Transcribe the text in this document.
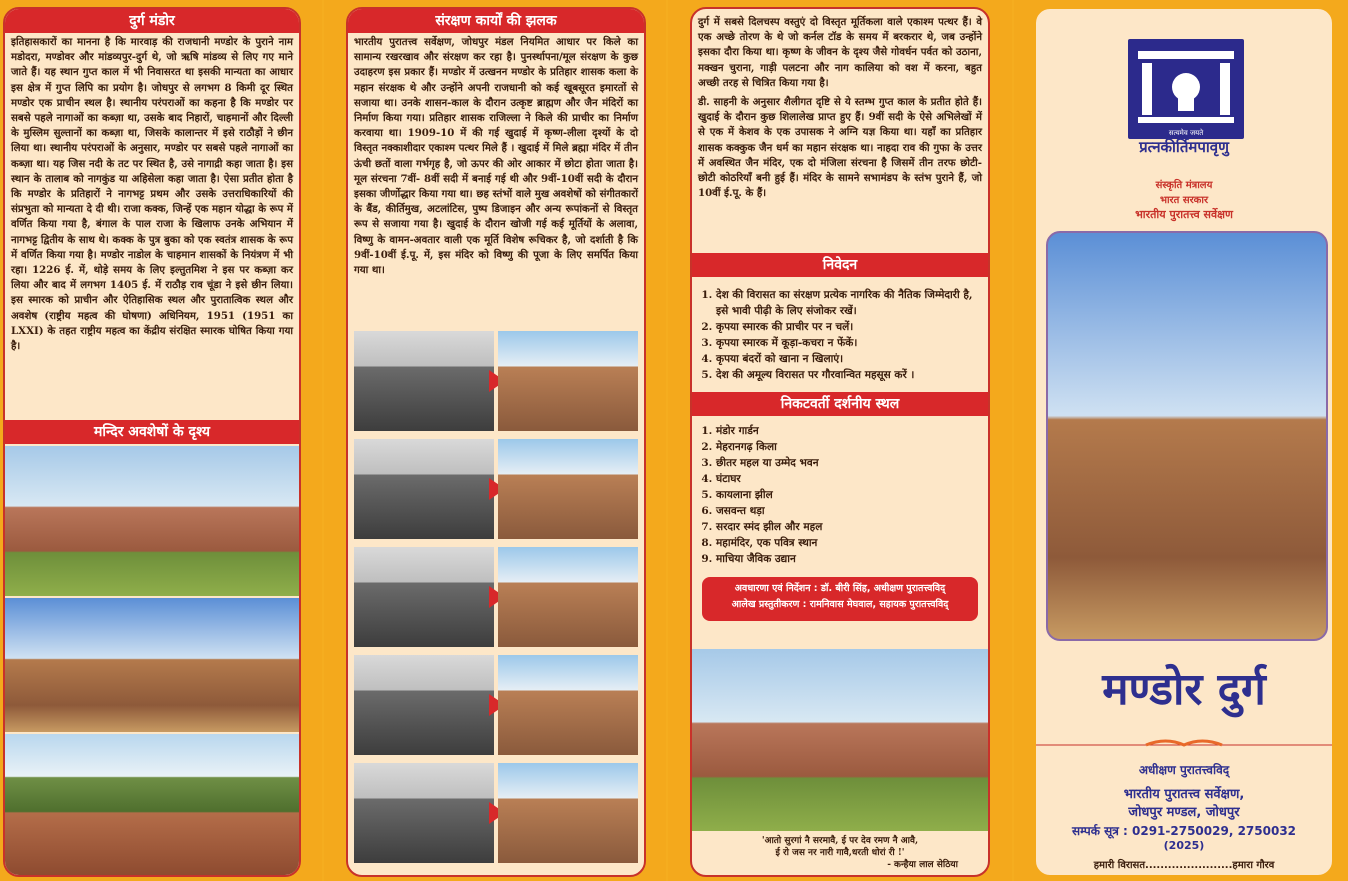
दुर्ग मंडोर
इतिहासकारों का मानना है कि मारवाड़ की राजधानी मण्डोर के पुराने नाम मडोदरा, मण्डोवर और मांडव्यपुर-दुर्ग थे, जो ऋषि मांडव्य से लिए गए माने जाते हैं। यह स्थान गुप्त काल में भी निवासरत था इसकी मान्यता का आधार इस क्षेत्र में गुप्त लिपि का प्रयोग है। जोधपुर से लगभग 8 किमी दूर स्थित मण्डोर एक प्राचीन स्थल है। स्थानीय परंपराओं का कहना है कि मण्डोर पर सबसे पहले नागाओं का कब्ज़ा था, उसके बाद निहारों, चाहमानों और दिल्ली के मुस्लिम सुल्तानों का कब्ज़ा था, जिसके कालान्तर में इसे राठौड़ों ने छीन लिया था। स्थानीय परंपराओं के अनुसार, मण्डोर पर सबसे पहले नागाओं का कब्ज़ा था। यह जिस नदी के तट पर स्थित है, उसे नागाद्री कहा जाता है। इस स्थान के तालाब को नागकुंड या अहिसेला कहा जाता है। ऐसा प्रतीत होता है कि मण्डोर के प्रतिहारों ने नागभट्ट प्रथम और उसके उत्तराधिकारियों की संप्रभुता को मान्यता दे दी थी। राजा कक्क, जिन्हें एक महान योद्धा के रूप में वर्णित किया गया है, बंगाल के पाल राजा के खिलाफ उनके अभियान में नागभट्ट द्वितीय के साथ थे। कक्क के पुत्र बुका को एक स्वतंत्र शासक के रूप में वर्णित किया गया है। मण्डोर नाडोल के चाहमान शासकों के नियंत्रण में भी रहा। 1226 ई. में, थोड़े समय के लिए इल्तुतमिश ने इस पर कब्ज़ा कर लिया और बाद में लगभग 1405 ई. में राठौड़ राव चूंडा ने इसे छीन लिया। इस स्मारक को प्राचीन और ऐतिहासिक स्थल और पुरातात्विक स्थल और अवशेष (राष्ट्रीय महत्व की घोषणा) अधिनियम, 1951 (1951 का LXXI) के तहत राष्ट्रीय महत्व का केंद्रीय संरक्षित स्मारक घोषित किया गया है।
मन्दिर अवशेषों के दृश्य
संरक्षण कार्यों की झलक
भारतीय पुरातत्त्व सर्वेक्षण, जोधपुर मंडल नियमित आधार पर किले का सामान्य रखरखाव और संरक्षण कर रहा है। पुनर्स्थापना/मूल संरक्षण के कुछ उदाहरण इस प्रकार हैं। मण्डोर में उत्खनन मण्डोर के प्रतिहार शासक कला के महान संरक्षक थे और उन्होंने अपनी राजधानी को कई खूबसूरत इमारतों से सजाया था। उनके शासन-काल के दौरान उत्कृष्ट ब्राह्मण और जैन मंदिरों का निर्माण किया गया। प्रतिहार शासक राजिल्ला ने किले की प्राचीर का निर्माण करवाया था। 1909-10 में की गई खुदाई में कृष्ण-लीला दृश्यों के दो विस्तृत नक्काशीदार एकाश्म पत्थर मिले हैं । खुदाई में मिले ब्रह्मा मंदिर में तीन ऊंची छतों वाला गर्भगृह है, जो ऊपर की ओर आकार में छोटा होता जाता है। मूल संरचना 7वीं- 8वीं सदी में बनाई गई थी और 9वीं-10वीं सदी के दौरान इसका जीर्णोद्धार किया गया था। छह स्तंभों वाले मुख अवशेषों को संगीतकारों के बैंड, कीर्तिमुख, अटलांटिस, पुष्प डिजाइन और अन्य रूपांकनों से विस्तृत रूप से सजाया गया है। खुदाई के दौरान खोजी गई कई मूर्तियों के अलावा, विष्णु के वामन-अवतार वाली एक मूर्ति विशेष रूचिकर है, जो दर्शाती है कि 9वीं-10वीं ई.पू. में, इस मंदिर को विष्णु की पूजा के लिए समर्पित किया गया था।
दुर्ग में सबसे दिलचस्प वस्तुएं दो विस्तृत मूर्तिकला वाले एकाश्म पत्थर हैं। वे एक अच्छे तोरण के थे जो कर्नल टॉड के समय में बरकरार थे, जब उन्होंने इसका दौरा किया था। कृष्ण के जीवन के दृश्य जैसे गोवर्धन पर्वत को उठाना, मक्खन चुराना, गाड़ी पलटना और नाग कालिया को वश में करना, बहुत अच्छी तरह से चित्रित किया गया है।
डी. साहनी के अनुसार शैलीगत दृष्टि से ये स्तम्भ गुप्त काल के प्रतीत होते हैं। खुदाई के दौरान कुछ शिलालेख प्राप्त हुए हैं। 9वीं सदी के ऐसे अभिलेखों में से एक में केशव के एक उपासक ने अग्नि यज्ञ किया था। यहाँ का प्रतिहार शासक कक्कुक जैन धर्म का महान संरक्षक था। नाहदा राव की गुफा के उत्तर में अवस्थित जैन मंदिर, एक दो मंजिला संरचना है जिसमें तीन तरफ छोटी-छोटी कोठरियाँ बनी हुई हैं। मंदिर के सामने सभामंडप के स्तंभ पुराने हैं, जो 10वीं ई.पू. के हैं।
निवेदन
1. देश की विरासत का संरक्षण प्रत्येक नागरिक की नैतिक जिम्मेदारी है, इसे भावी पीढ़ी के लिए संजोकर रखें।
2. कृपया स्मारक की प्राचीर पर न चलें।
3. कृपया स्मारक में कूड़ा-कचरा न फेंकें।
4. कृपया बंदरों को खाना न खिलाएं।
5. देश की अमूल्य विरासत पर गौरवान्वित महसूस करें ।
निकटवर्ती दर्शनीय स्थल
1. मंडोर गार्डन
2. मेहरानगढ़ किला
3. छीतर महल या उम्मेद भवन
4. घंटाघर
5. कायलाना झील
6. जसवन्त थड़ा
7. सरदार स्मंद झील और महल
8. महामंदिर, एक पवित्र स्थान
9. माचिया जैविक उद्यान
अवधारणा एवं निर्देशन : डॉ. बीरी सिंह, अधीक्षण पुरातत्त्वविद्
आलेख प्रस्तुतीकरण : रामनिवास मेघवाल, सहायक पुरातत्त्वविद्
'आतो सुरगां नै सरमावै, ई पर देव रमण नै आवै,
ई रो जस नर नारी गावै,धरती धोरां री !'
- कन्हैया लाल सेठिया
सत्यमेव जयते
प्रत्नकीर्तिमपावृणु
संस्कृति मंत्रालय
भारत सरकार
भारतीय पुरातत्त्व सर्वेक्षण
मण्डोर दुर्ग
अधीक्षण पुरातत्त्वविद्
भारतीय पुरातत्त्व सर्वेक्षण,
जोधपुर मण्डल, जोधपुर
सम्पर्क सूत्र : 0291-2750029, 2750032
(2025)
हमारी विरासत.......................हमारा गौरव
